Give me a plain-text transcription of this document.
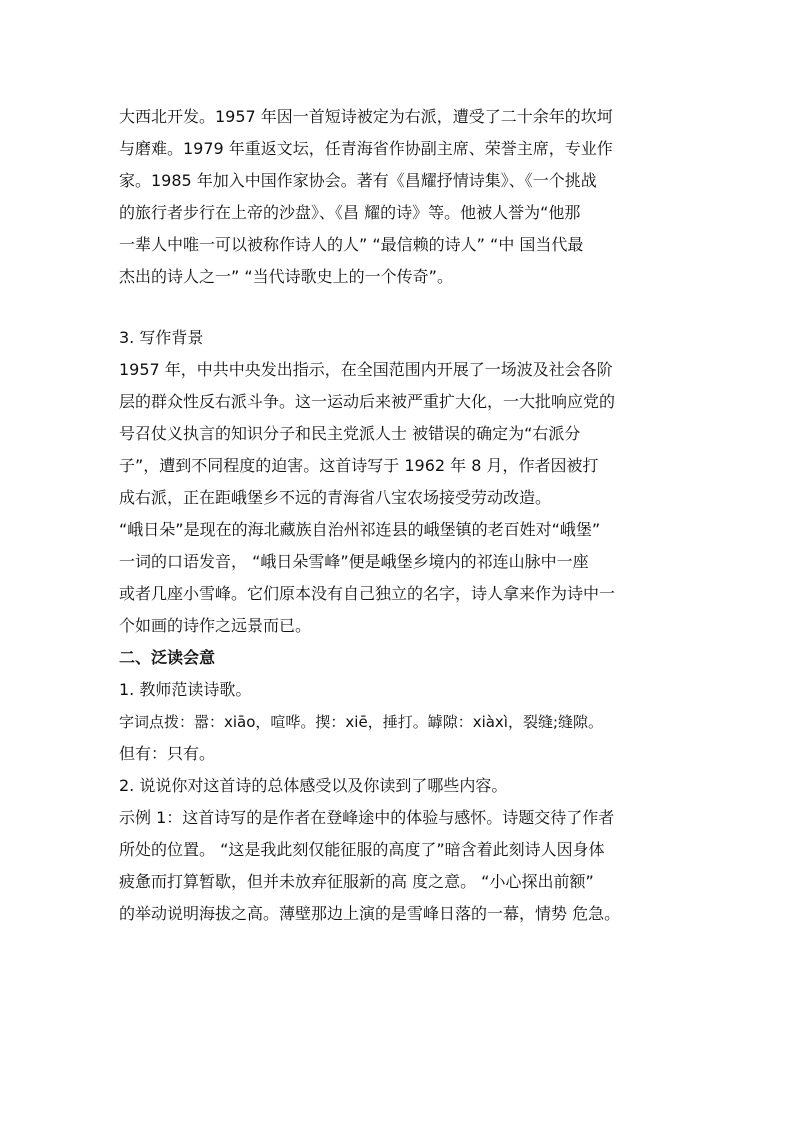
大西北开发。1957 年因一首短诗被定为右派，遭受了二十余年的坎坷
与磨难。1979 年重返文坛，任青海省作协副主席、荣誉主席，专业作
家。1985 年加入中国作家协会。著有《昌耀抒情诗集》、《一个挑战
的旅行者步行在上帝的沙盘》、《昌 耀的诗》等。他被人誉为“他那
一辈人中唯一可以被称作诗人的人” “最信赖的诗人” “中 国当代最
杰出的诗人之一” “当代诗歌史上的一个传奇”。
3. 写作背景
1957 年，中共中央发出指示，在全国范围内开展了一场波及社会各阶
层的群众性反右派斗争。这一运动后来被严重扩大化，一大批响应党的
号召仗义执言的知识分子和民主党派人士 被错误的确定为“右派分
子”，遭到不同程度的迫害。这首诗写于 1962 年 8 月，作者因被打
成右派，正在距峨堡乡不远的青海省八宝农场接受劳动改造。
“峨日朵”是现在的海北藏族自治州祁连县的峨堡镇的老百姓对“峨堡”
一词的口语发音， “峨日朵雪峰”便是峨堡乡境内的祁连山脉中一座
或者几座小雪峰。它们原本没有自己独立的名字，诗人拿来作为诗中一
个如画的诗作之远景而已。
二、泛读会意
1. 教师范读诗歌。
字词点拨：嚣：xiāo，喧哗。揳：xiē，捶打。罅隙：xiàxì，裂缝;缝隙。
但有：只有。
2. 说说你对这首诗的总体感受以及你读到了哪些内容。
示例 1：这首诗写的是作者在登峰途中的体验与感怀。诗题交待了作者
所处的位置。 “这是我此刻仅能征服的高度了”暗含着此刻诗人因身体
疲惫而打算暂歇，但并未放弃征服新的高 度之意。 “小心探出前额”
的举动说明海拔之高。薄壁那边上演的是雪峰日落的一幕，情势 危急。
